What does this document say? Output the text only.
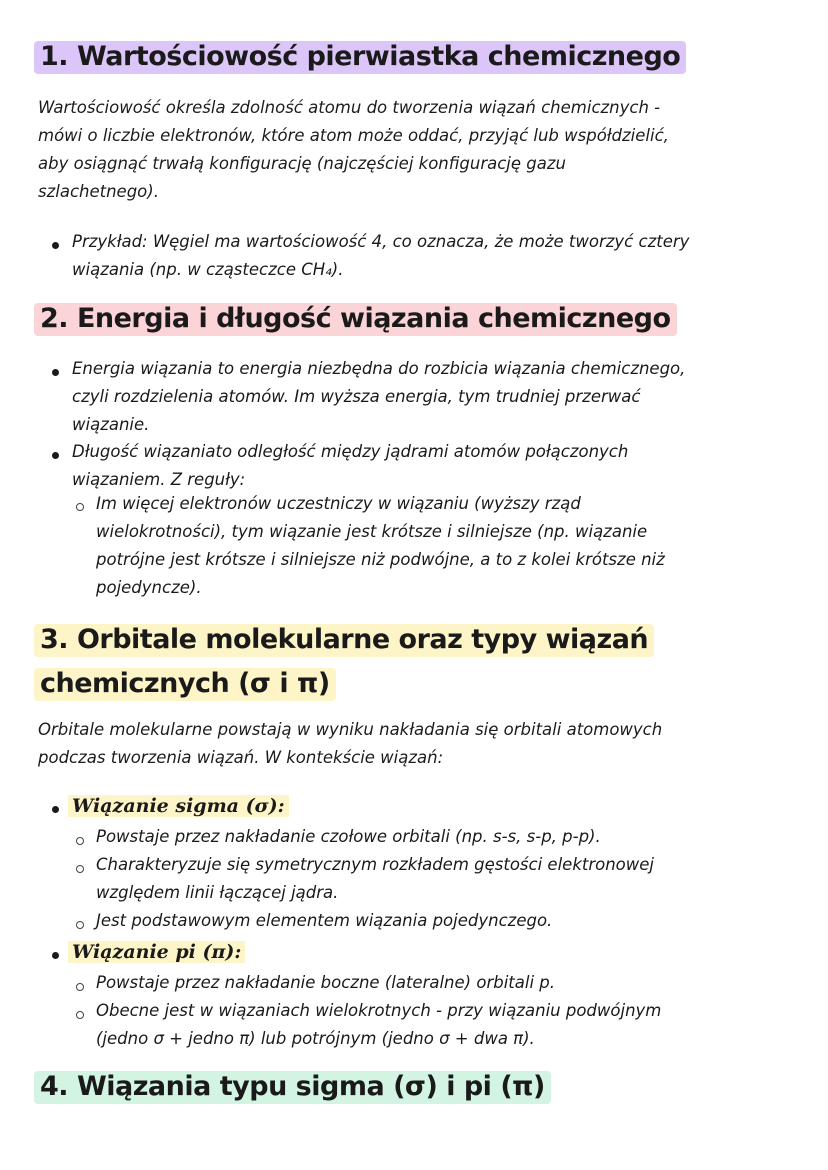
1. Wartościowość pierwiastka chemicznego
Wartościowość określa zdolność atomu do tworzenia wiązań chemicznych -
mówi o liczbie elektronów, które atom może oddać, przyjąć lub współdzielić,
aby osiągnąć trwałą konfigurację (najczęściej konfigurację gazu
szlachetnego).
Przykład: Węgiel ma wartościowość 4, co oznacza, że może tworzyć cztery
wiązania (np. w cząsteczce CH₄).
2. Energia i długość wiązania chemicznego
Energia wiązania to energia niezbędna do rozbicia wiązania chemicznego,
czyli rozdzielenia atomów. Im wyższa energia, tym trudniej przerwać
wiązanie.
Długość wiązaniato odległość między jądrami atomów połączonych
wiązaniem. Z reguły:
Im więcej elektronów uczestniczy w wiązaniu (wyższy rząd
wielokrotności), tym wiązanie jest krótsze i silniejsze (np. wiązanie
potrójne jest krótsze i silniejsze niż podwójne, a to z kolei krótsze niż
pojedyncze).
3. Orbitale molekularne oraz typy wiązań
chemicznych (σ i π)
Orbitale molekularne powstają w wyniku nakładania się orbitali atomowych
podczas tworzenia wiązań. W kontekście wiązań:
Wiązanie sigma (σ):
Powstaje przez nakładanie czołowe orbitali (np. s-s, s-p, p-p).
Charakteryzuje się symetrycznym rozkładem gęstości elektronowej
względem linii łączącej jądra.
Jest podstawowym elementem wiązania pojedynczego.
Wiązanie pi (π):
Powstaje przez nakładanie boczne (lateralne) orbitali p.
Obecne jest w wiązaniach wielokrotnych - przy wiązaniu podwójnym
(jedno σ + jedno π) lub potrójnym (jedno σ + dwa π).
4. Wiązania typu sigma (σ) i pi (π)
